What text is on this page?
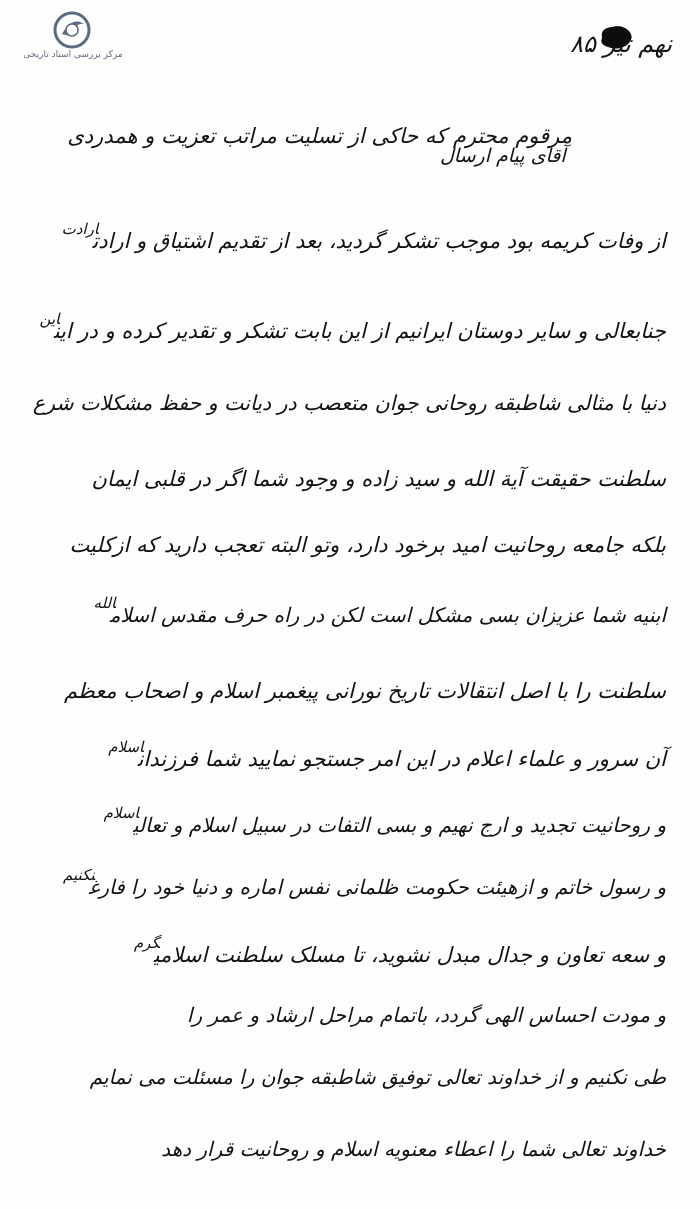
مرکز بررسی اسناد تاریخی	نهم تیر ۸۵
مرقوم محترم که حاکی از تسلیت مراتب تعزیت و همدردی
آقای پیام ارسال
از وفات کریمه بود موجب تشکر گردید، بعد از تقدیم اشتیاق و ارادت$^{ارادت}$
جنابعالی و سایر دوستان ایرانیم از این بابت تشکر و تقدیر کرده و در این$^{این}$
دنیا با مثالی شاطبقه روحانی جوان متعصب در دیانت و حفظ مشکلات شرع
سلطنت حقیقت آیة الله و سید زاده و وجود شما اگر در قلبی ایمان
بلکه جامعه روحانیت امید برخود دارد، وتو البته تعجب دارید که ازکلیت
ابنیه شما عزیزان بسی مشکل است لکن در راه حرف مقدس اسلام$^{الله}$
سلطنت را با اصل انتقالات تاریخ نورانی پیغمبر اسلام و اصحاب معظم
آن سرور و علماء اعلام در این امر جستجو نمایید شما فرزندان$^{اسلام}$
و روحانیت تجدید و ارج نهیم و بسی التفات در سبیل اسلام و تعالی$^{اسلام}$
و رسول خاتم و ازهیئت حکومت ظلمانی نفس اماره و دنیا خود را فارغ$^{نکنیم}$
و سعه تعاون و جدال مبدل نشوید، تا مسلک سلطنت اسلامی$^{گرم}$
و مودت احساس الهی گردد، باتمام مراحل ارشاد و عمر را
طی نکنیم و از خداوند تعالی توفیق شاطبقه جوان را مسئلت می نمایم
خداوند تعالی شما را اعطاء معنویه اسلام و روحانیت قرار دهد
